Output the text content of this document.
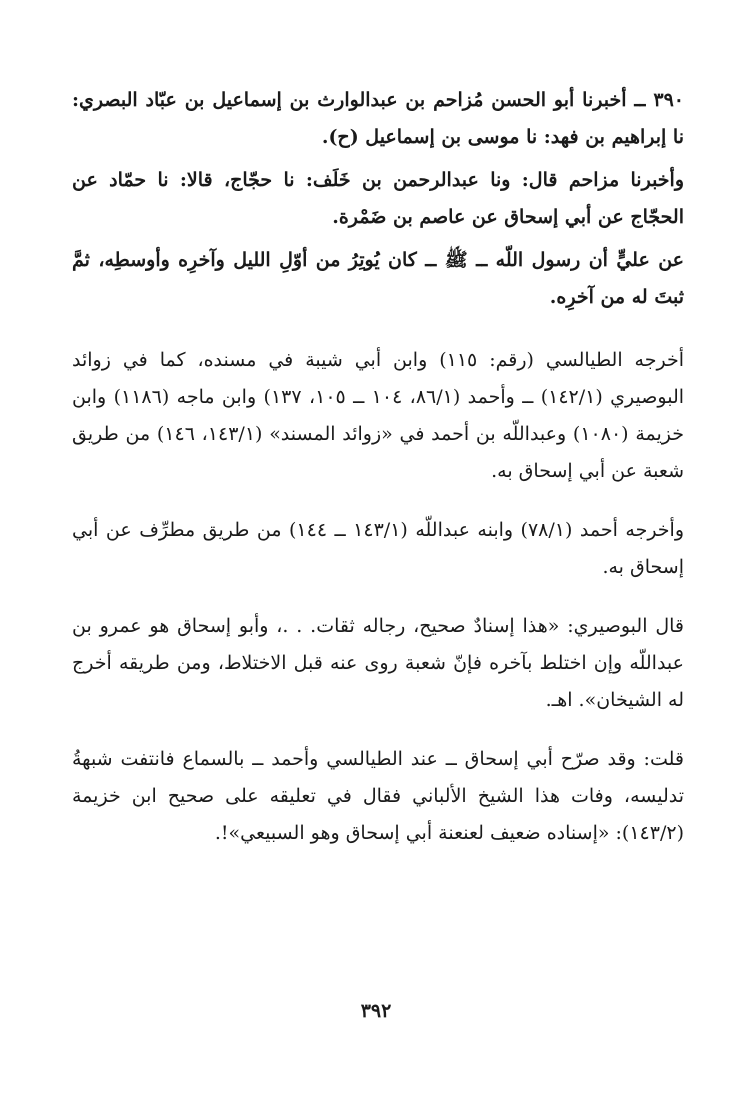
٣٩٠ ــ أخبرنا أبو الحسن مُزاحم بن عبدالوارث بن إسماعيل بن عبّاد البصري: نا إبراهيم بن فهد: نا موسى بن إسماعيل (ح).

وأخبرنا مزاحم قال: ونا عبدالرحمن بن خَلَف: نا حجّاج، قالا: نا حمّاد عن الحجّاج عن أبي إسحاق عن عاصم بن ضَمْرة.

عن عليٍّ أن رسول اللّه ــ ﷺ ــ كان يُوتِرُ من أوّلِ الليل وآخرِه وأوسطِه، ثمَّ ثبتَ له من آخرِه.

أخرجه الطيالسي (رقم: ١١٥) وابن أبي شيبة في مسنده، كما في زوائد البوصيري (١٤٢/١) ــ وأحمد (٨٦/١، ١٠٤ ــ ١٠٥، ١٣٧) وابن ماجه (١١٨٦) وابن خزيمة (١٠٨٠) وعبداللّه بن أحمد في «زوائد المسند» (١٤٣/١، ١٤٦) من طريق شعبة عن أبي إسحاق به.

وأخرجه أحمد (٧٨/١) وابنه عبداللّه (١٤٣/١ ــ ١٤٤) من طريق مطرِّف عن أبي إسحاق به.

قال البوصيري: «هذا إسنادٌ صحيح، رجاله ثقات. . .، وأبو إسحاق هو عمرو بن عبداللّه وإن اختلط بآخره فإنّ شعبة روى عنه قبل الاختلاط، ومن طريقه أخرج له الشيخان». اهـ.

قلت: وقد صرّح أبي إسحاق ــ عند الطيالسي وأحمد ــ بالسماع فانتفت شبهةُ تدليسه، وفات هذا الشيخ الألباني فقال في تعليقه على صحيح ابن خزيمة (١٤٣/٢): «إسناده ضعيف لعنعنة أبي إسحاق وهو السبيعي»!.

٣٩٢
